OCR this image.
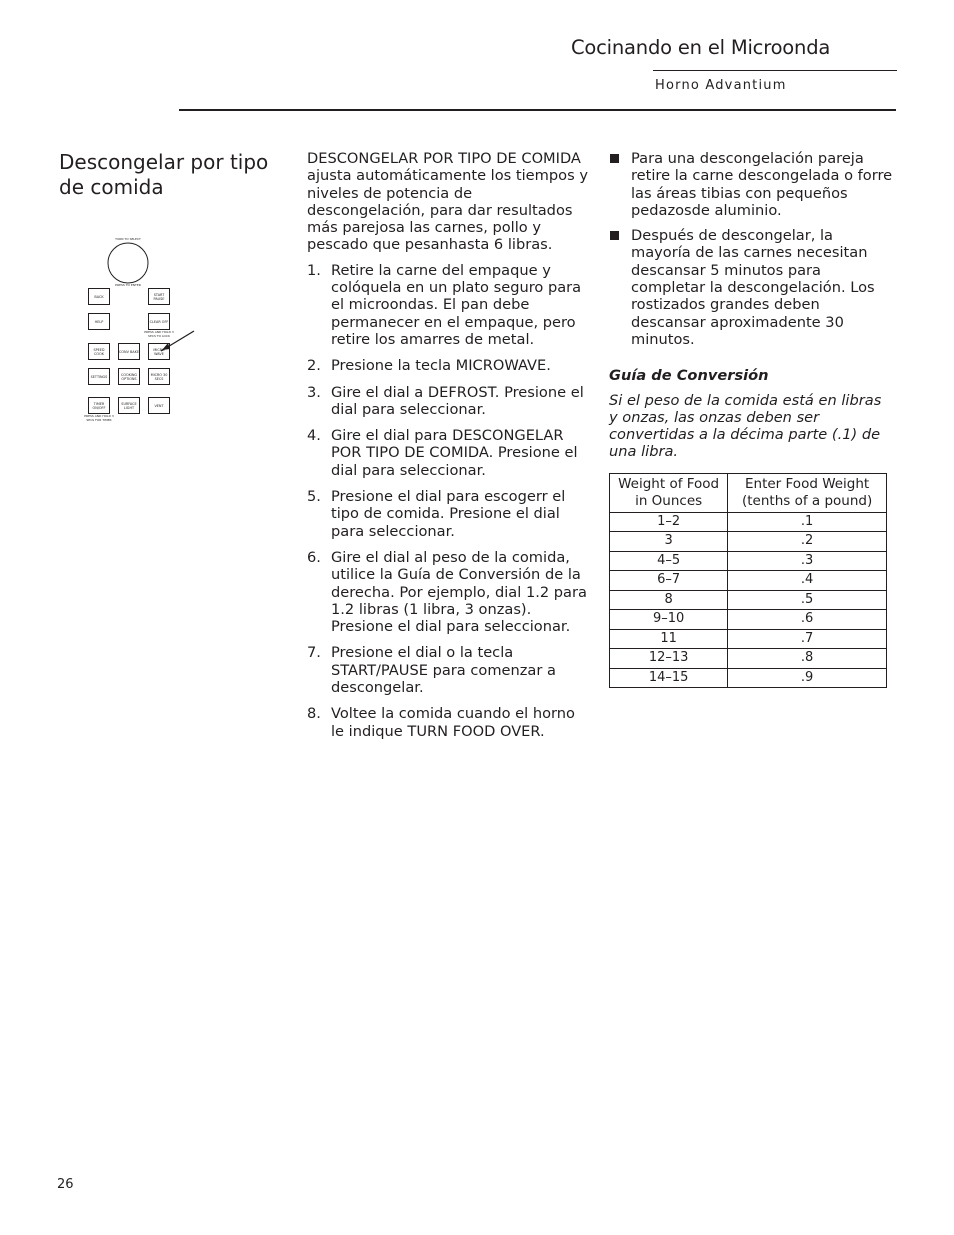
Cocinando en el Microonda
Horno Advantium
Descongelar por tipo de comida
TURN TO SELECT
PRESS TO ENTER
BACK	START PAUSE
HELP	CLEAR OFF
PRESS AND HOLD 3 SECS TO LOCK
SPEED COOK	CONV BAKE	MICRO WAVE
SETTINGS	COOKING OPTIONS
MICRO 30 SECS
TIMER ON/OFF
PRESS AND HOLD 3 SECS FOR TIMER
SURFACE LIGHT	VENT

DESCONGELAR POR TIPO DE COMIDA ajusta automáticamente los tiempos y niveles de potencia de descongelación, para dar resultados más parejosa las carnes, pollo y pescado que pesanhasta 6 libras.

1. Retire la carne del empaque y colóquela en un plato seguro para el microondas. El pan debe permanecer en el empaque, pero retire los amarres de metal.
2. Presione la tecla MICROWAVE.
3. Gire el dial a DEFROST. Presione el dial para seleccionar.
4. Gire el dial para DESCONGELAR POR TIPO DE COMIDA. Presione el dial para seleccionar.
5. Presione el dial para escogerr el tipo de comida. Presione el dial para seleccionar.
6. Gire el dial al peso de la comida, utilice la Guía de Conversión de la derecha. Por ejemplo, dial 1.2 para 1.2 libras (1 libra, 3 onzas). Presione el dial para seleccionar.
7. Presione el dial o la tecla START/PAUSE para comenzar a descongelar.
8. Voltee la comida cuando el horno le indique TURN FOOD OVER.
Para una descongelación pareja retire la carne descongelada o forre las áreas tibias con pequeños pedazosde aluminio.
Después de descongelar, la mayoría de las carnes necesitan descansar 5 minutos para completar la descongelación. Los rostizados grandes deben descansar aproximadente 30 minutos.
Guía de Conversión

Si el peso de la comida está en libras y onzas, las onzas deben ser convertidas a la décima parte (.1) de una libra.

Weight of Food in Ounces	Enter Food Weight (tenths of a pound)
1–2	.1
3	.2
4–5	.3
6–7	.4
8	.5
9–10	.6
11	.7
12–13	.8
14–15	.9
26
